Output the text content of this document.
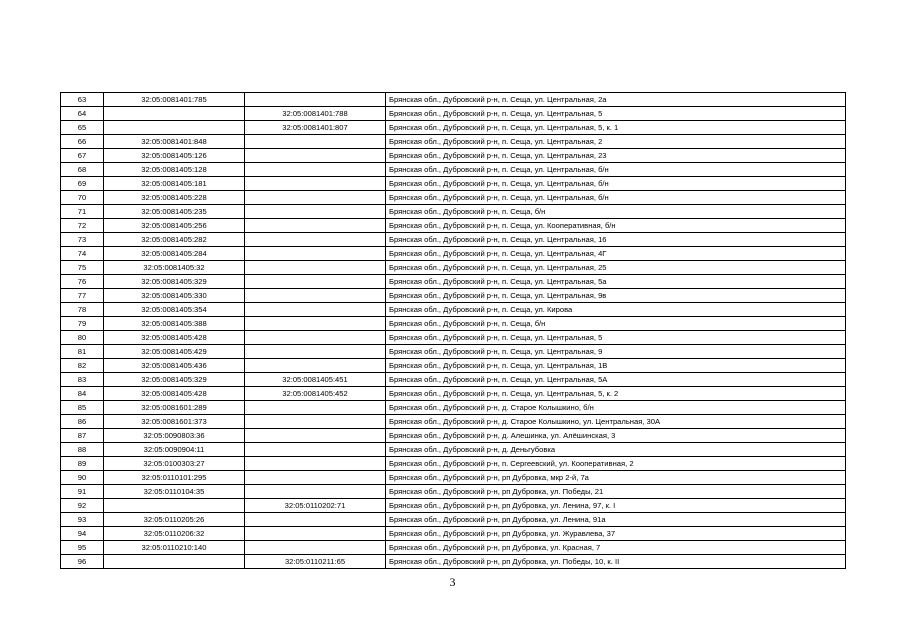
63	32:05:0081401:785		Брянская обл., Дубровский р-н, п. Сеща, ул. Центральная, 2а
64		32:05:0081401:788	Брянская обл., Дубровский р-н, п. Сеща, ул. Центральная, 5
65		32:05:0081401:807	Брянская обл., Дубровский р-н, п. Сеща, ул. Центральная, 5, к. 1
66	32:05:0081401:848		Брянская обл., Дубровский р-н, п. Сеща, ул. Центральная, 2
67	32:05:0081405:126		Брянская обл., Дубровский р-н, п. Сеща, ул. Центральная, 23
68	32:05:0081405:128		Брянская обл., Дубровский р-н, п. Сеща, ул. Центральная, б/н
69	32:05:0081405:181		Брянская обл., Дубровский р-н, п. Сеща, ул. Центральная, б/н
70	32:05:0081405:228		Брянская обл., Дубровский р-н, п. Сеща, ул. Центральная, б/н
71	32:05:0081405:235		Брянская обл., Дубровский р-н, п. Сеща, б/н
72	32:05:0081405:256		Брянская обл., Дубровский р-н, п. Сеща, ул. Кооперативная, б/н
73	32:05:0081405:282		Брянская обл., Дубровский р-н, п. Сеща, ул. Центральная, 16
74	32:05:0081405:284		Брянская обл., Дубровский р-н, п. Сеща, ул. Центральная, 4Г
75	32:05:0081405:32		Брянская обл., Дубровский р-н, п. Сеща, ул. Центральная, 25
76	32:05:0081405:329		Брянская обл., Дубровский р-н, п. Сеща, ул. Центральная, 5а
77	32:05:0081405:330		Брянская обл., Дубровский р-н, п. Сеща, ул. Центральная, 9в
78	32:05:0081405:354		Брянская обл., Дубровский р-н, п. Сеща, ул. Кирова
79	32:05:0081405:388		Брянская обл., Дубровский р-н, п. Сеща, б/н
80	32:05:0081405:428		Брянская обл., Дубровский р-н, п. Сеща, ул. Центральная, 5
81	32:05:0081405:429		Брянская обл., Дубровский р-н, п. Сеща, ул. Центральная, 9
82	32:05:0081405:436		Брянская обл., Дубровский р-н, п. Сеща, ул. Центральная, 1В
83	32:05:0081405:329	32:05:0081405:451	Брянская обл., Дубровский р-н, п. Сеща, ул. Центральная, 5А
84	32:05:0081405:428	32:05:0081405:452	Брянская обл., Дубровский р-н, п. Сеща, ул. Центральная, 5, к. 2
85	32:05:0081601:289		Брянская обл., Дубровский р-н, д. Старое Колышкино, б/н
86	32:05:0081601:373		Брянская обл., Дубровский р-н, д. Старое Колышкино, ул. Центральная, 30А
87	32:05:0090803:36		Брянская обл., Дубровский р-н, д. Алешинка, ул. Алёшинская, 3
88	32:05:0090904:11		Брянская обл., Дубровский р-н, д. Деньгубовка
89	32:05:0100303:27		Брянская обл., Дубровский р-н, п. Сергеевский, ул. Кооперативная, 2
90	32:05:0110101:295		Брянская обл., Дубровский р-н, рп Дубровка, мкр 2-й, 7а
91	32:05:0110104:35		Брянская обл., Дубровский р-н, рп Дубровка, ул. Победы, 21
92		32:05:0110202:71	Брянская обл., Дубровский р-н, рп Дубровка, ул. Ленина, 97, к. I
93	32:05:0110205:26		Брянская обл., Дубровский р-н, рп Дубровка, ул. Ленина, 91а
94	32:05:0110206:32		Брянская обл., Дубровский р-н, рп Дубровка, ул. Журавлева, 37
95	32:05:0110210:140		Брянская обл., Дубровский р-н, рп Дубровка, ул. Красная, 7
96		32:05:0110211:65	Брянская обл., Дубровский р-н, рп Дубровка, ул. Победы, 10, к. II
3
